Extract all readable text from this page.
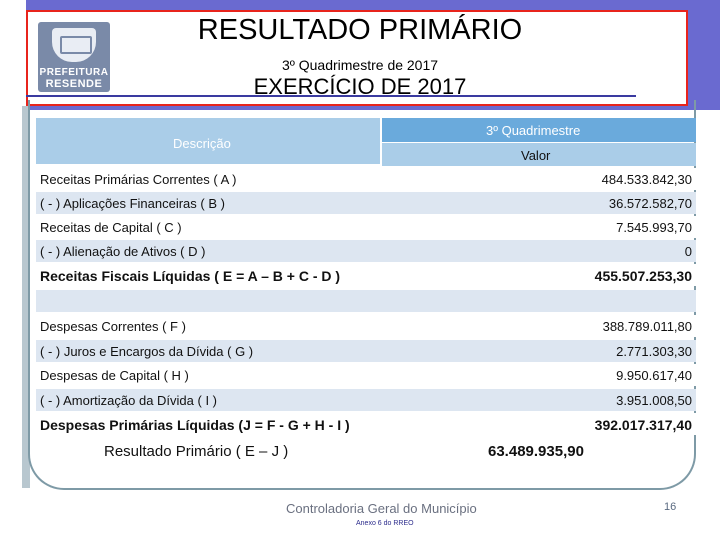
PREFEITURA
RESENDE
RESULTADO PRIMÁRIO
3º Quadrimestre de 2017
EXERCÍCIO DE 2017
Descrição
3º Quadrimestre
Valor
Receitas Primárias Correntes ( A )	484.533.842,30
( - ) Aplicações Financeiras ( B )	36.572.582,70
Receitas de Capital ( C )	7.545.993,70
( - ) Alienação de Ativos ( D )	0
Receitas Fiscais Líquidas ( E = A – B + C - D )	455.507.253,30
Despesas Correntes ( F )	388.789.011,80
( - ) Juros e Encargos da Dívida ( G )	2.771.303,30
Despesas de Capital ( H )	9.950.617,40
( - ) Amortização da Dívida ( I )	3.951.008,50
Despesas Primárias Líquidas (J = F - G + H - I )	392.017.317,40
Resultado Primário ( E – J )	63.489.935,90
Controladoria Geral do Município
Anexo 6 do RREO
16
